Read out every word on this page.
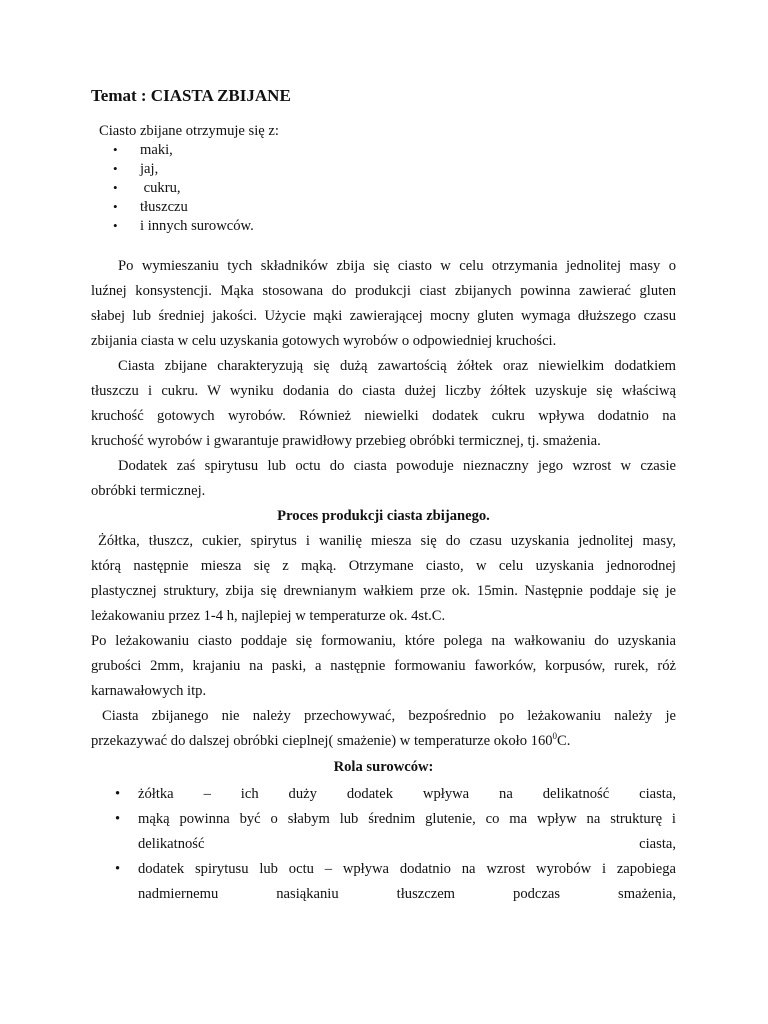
Temat : CIASTA ZBIJANE
Ciasto zbijane otrzymuje się z:
• maki,
• jaj,
• cukru,
• tłuszczu
• i innych surowców.
Po wymieszaniu tych składników zbija się ciasto w celu otrzymania jednolitej masy o
luźnej konsystencji. Mąka stosowana do produkcji ciast zbijanych powinna zawierać gluten
słabej lub średniej jakości. Użycie mąki zawierającej mocny gluten wymaga dłuższego czasu
zbijania ciasta w celu uzyskania gotowych wyrobów o odpowiedniej kruchości.
Ciasta zbijane charakteryzują się dużą zawartością żółtek oraz niewielkim dodatkiem
tłuszczu i cukru. W wyniku dodania do ciasta dużej liczby żółtek uzyskuje się właściwą
kruchość gotowych wyrobów. Również niewielki dodatek cukru wpływa dodatnio na
kruchość wyrobów i gwarantuje prawidłowy przebieg obróbki termicznej, tj. smażenia.
Dodatek zaś spirytusu lub octu do ciasta powoduje nieznaczny jego wzrost w czasie
obróbki termicznej.
Proces produkcji ciasta zbijanego.
Żółtka, tłuszcz, cukier, spirytus i wanilię miesza się do czasu uzyskania jednolitej masy,
którą następnie miesza się z mąką. Otrzymane ciasto, w celu uzyskania jednorodnej
plastycznej struktury, zbija się drewnianym wałkiem prze ok. 15min. Następnie poddaje się je
leżakowaniu przez 1-4 h, najlepiej w temperaturze ok. 4st.C.
Po leżakowaniu ciasto poddaje się formowaniu, które polega na wałkowaniu do uzyskania
grubości 2mm, krajaniu na paski, a następnie formowaniu faworków, korpusów, rurek, róż
karnawałowych itp.
Ciasta zbijanego nie należy przechowywać, bezpośrednio po leżakowaniu należy je
przekazywać do dalszej obróbki cieplnej( smażenie) w temperaturze około $160^0C$.
Rola surowców:
• żółtka – ich duży dodatek wpływa na delikatność ciasta,
• mąką powinna być o słabym lub średnim glutenie, co ma wpływ na strukturę i
delikatność ciasta,
• dodatek spirytusu lub octu – wpływa dodatnio na wzrost wyrobów i zapobiega
nadmiernemu nasiąkaniu tłuszczem podczas smażenia,
